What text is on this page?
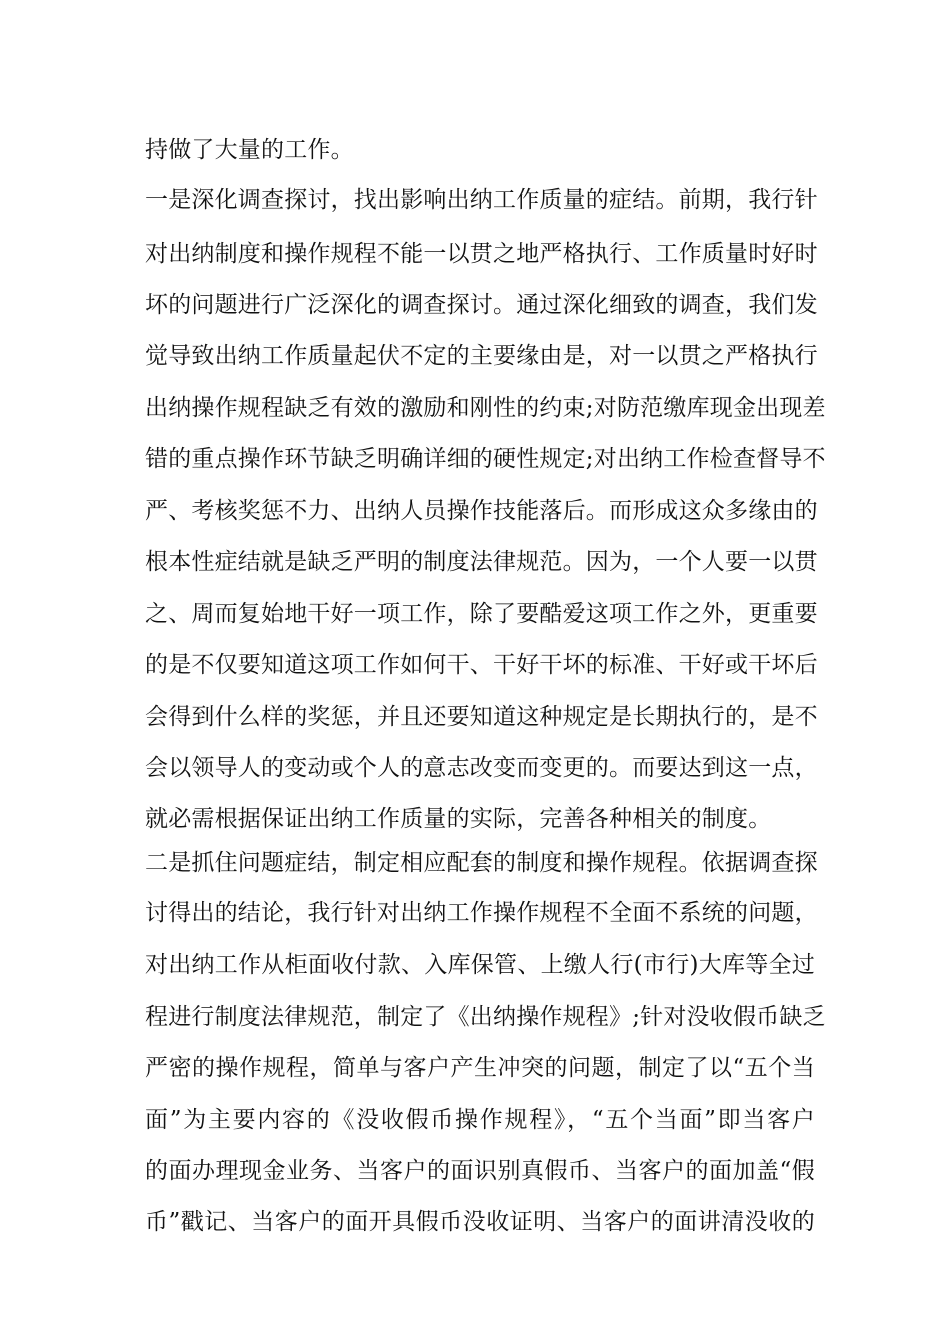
持做了大量的工作。
一是深化调查探讨，找出影响出纳工作质量的症结。前期，我行针
对出纳制度和操作规程不能一以贯之地严格执行、工作质量时好时
坏的问题进行广泛深化的调查探讨。通过深化细致的调查，我们发
觉导致出纳工作质量起伏不定的主要缘由是，对一以贯之严格执行
出纳操作规程缺乏有效的激励和刚性的约束;对防范缴库现金出现差
错的重点操作环节缺乏明确详细的硬性规定;对出纳工作检查督导不
严、考核奖惩不力、出纳人员操作技能落后。而形成这众多缘由的
根本性症结就是缺乏严明的制度法律规范。因为，一个人要一以贯
之、周而复始地干好一项工作，除了要酷爱这项工作之外，更重要
的是不仅要知道这项工作如何干、干好干坏的标准、干好或干坏后
会得到什么样的奖惩，并且还要知道这种规定是长期执行的，是不
会以领导人的变动或个人的意志改变而变更的。而要达到这一点，
就必需根据保证出纳工作质量的实际，完善各种相关的制度。
二是抓住问题症结，制定相应配套的制度和操作规程。依据调查探
讨得出的结论，我行针对出纳工作操作规程不全面不系统的问题，
对出纳工作从柜面收付款、入库保管、上缴人行(市行)大库等全过
程进行制度法律规范，制定了《出纳操作规程》;针对没收假币缺乏
严密的操作规程，简单与客户产生冲突的问题，制定了以“五个当
面”为主要内容的《没收假币操作规程》，“五个当面”即当客户
的面办理现金业务、当客户的面识别真假币、当客户的面加盖“假
币”戳记、当客户的面开具假币没收证明、当客户的面讲清没收的
